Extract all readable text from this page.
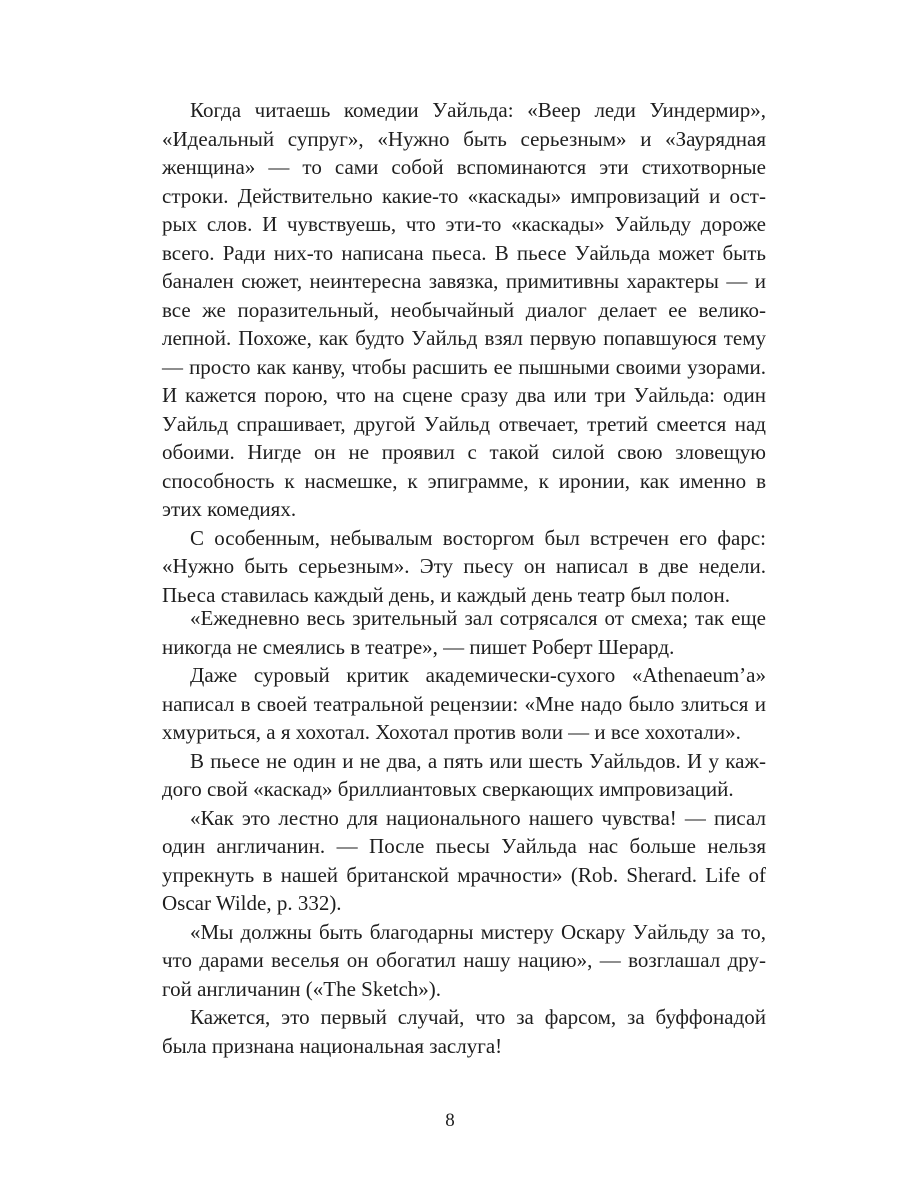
Когда читаешь комедии Уайльда: «Веер леди Уиндермир», «Идеальный супруг», «Нужно быть серьезным» и «Заурядная женщина» — то сами собой вспоминаются эти стихотворные строки. Действительно какие-то «каскады» импровизаций и острых слов. И чувствуешь, что эти-то «каскады» Уайльду дороже всего. Ради них-то написана пьеса. В пьесе Уайльда может быть банален сюжет, неинтересна завязка, примитивны характеры — и все же поразительный, необычайный диалог делает ее великолепной. Похоже, как будто Уайльд взял первую попавшуюся тему — просто как канву, чтобы расшить ее пышными своими узорами. И кажется порою, что на сцене сразу два или три Уайльда: один Уайльд спрашивает, другой Уайльд отвечает, третий смеется над обоими. Нигде он не проявил с такой силой свою зловещую способность к насмешке, к эпиграмме, к иронии, как именно в этих комедиях.

С особенным, небывалым восторгом был встречен его фарс: «Нужно быть серьезным». Эту пьесу он написал в две недели. Пьеса ставилась каждый день, и каждый день театр был полон.

«Ежедневно весь зрительный зал сотрясался от смеха; так еще никогда не смеялись в театре», — пишет Роберт Шерард.

Даже суровый критик академически-сухого «Athenaeum’a» написал в своей театральной рецензии: «Мне надо было злиться и хмуриться, а я хохотал. Хохотал против воли — и все хохотали».

В пьесе не один и не два, а пять или шесть Уайльдов. И у каждого свой «каскад» бриллиантовых сверкающих импровизаций.

«Как это лестно для национального нашего чувства! — писал один англичанин. — После пьесы Уайльда нас больше нельзя упрекнуть в нашей британской мрачности» (Rob. Sherard. Life of Oscar Wilde, p. 332).

«Мы должны быть благодарны мистеру Оскару Уайльду за то, что дарами веселья он обогатил нашу нацию», — возглашал другой англичанин («The Sketch»).

Кажется, это первый случай, что за фарсом, за буффонадой была признана национальная заслуга!

8
